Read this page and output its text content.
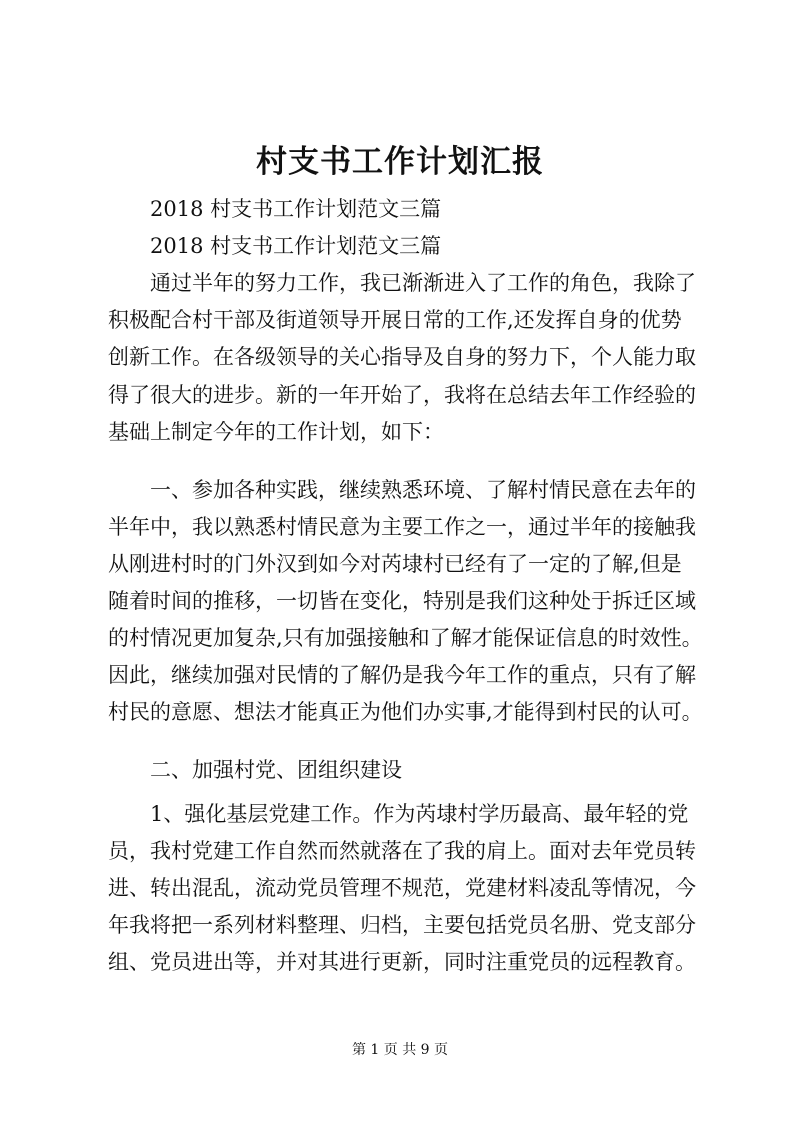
村支书工作计划汇报

2018 村支书工作计划范文三篇

2018 村支书工作计划范文三篇

通过半年的努力工作，我已渐渐进入了工作的角色，我除了

积极配合村干部及街道领导开展日常的工作,还发挥自身的优势

创新工作。在各级领导的关心指导及自身的努力下，个人能力取

得了很大的进步。新的一年开始了，我将在总结去年工作经验的

基础上制定今年的工作计划，如下：

一、参加各种实践，继续熟悉环境、了解村情民意在去年的

半年中，我以熟悉村情民意为主要工作之一，通过半年的接触我

从刚进村时的门外汉到如今对芮埭村已经有了一定的了解,但是

随着时间的推移，一切皆在变化，特别是我们这种处于拆迁区域

的村情况更加复杂,只有加强接触和了解才能保证信息的时效性。

因此，继续加强对民情的了解仍是我今年工作的重点，只有了解

村民的意愿、想法才能真正为他们办实事,才能得到村民的认可。

二、加强村党、团组织建设

1、强化基层党建工作。作为芮埭村学历最高、最年轻的党

员，我村党建工作自然而然就落在了我的肩上。面对去年党员转

进、转出混乱，流动党员管理不规范，党建材料凌乱等情况，今

年我将把一系列材料整理、归档，主要包括党员名册、党支部分

组、党员进出等，并对其进行更新，同时注重党员的远程教育。

第 1 页 共 9 页
